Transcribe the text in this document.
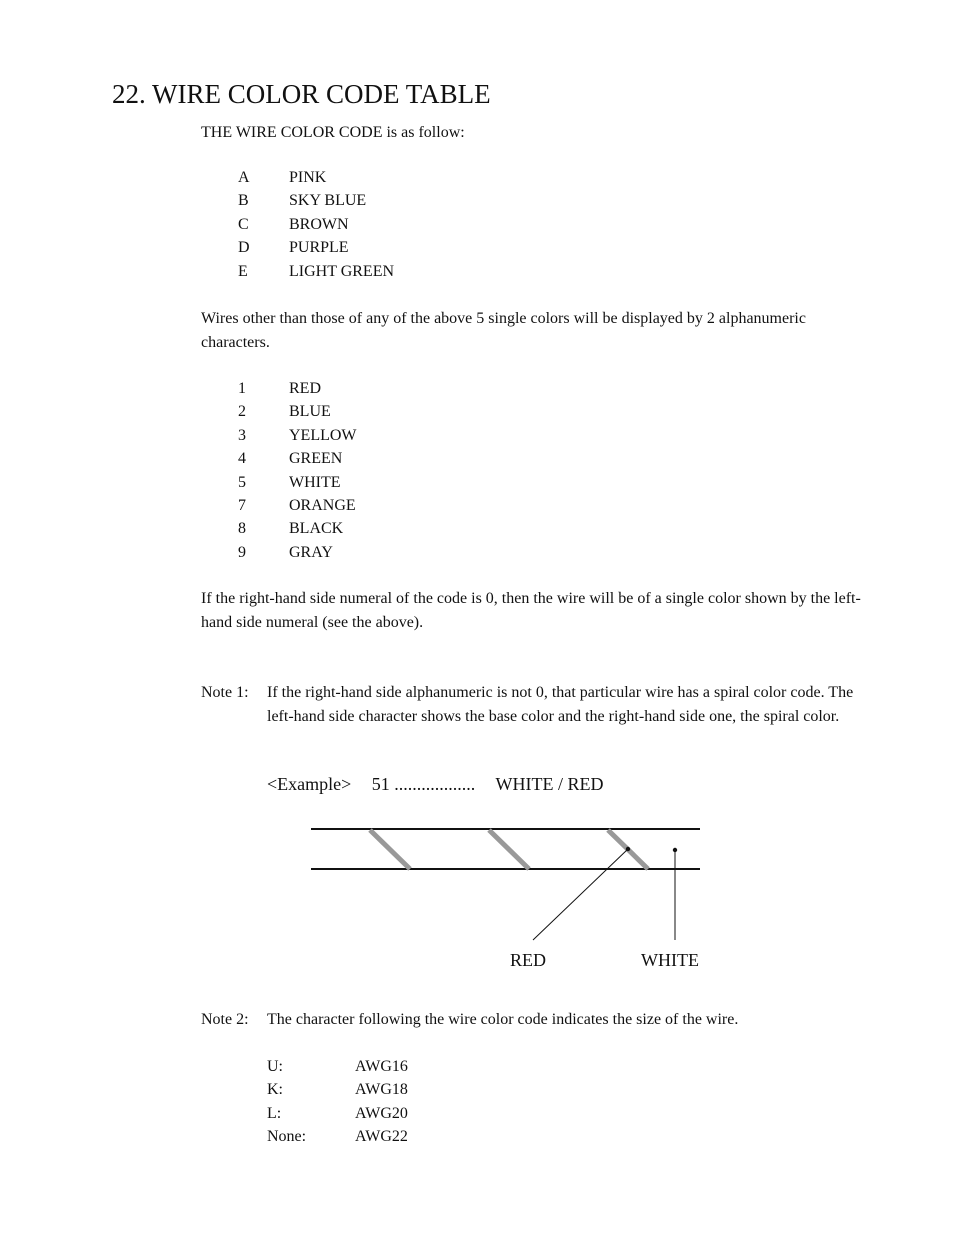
22. WIRE COLOR CODE TABLE
THE WIRE COLOR CODE is as follow:
A	PINK
B	SKY BLUE
C	BROWN
D	PURPLE
E	LIGHT GREEN
Wires other than those of any of the above 5 single colors will be displayed by 2 alphanumeric characters.
1	RED
2	BLUE
3	YELLOW
4	GREEN
5	WHITE
7	ORANGE
8	BLACK
9	GRAY
If the right-hand side numeral of the code is 0, then the wire will be of a single color shown by the left-hand side numeral (see the above).
Note 1: If the right-hand side alphanumeric is not 0, that particular wire has a spiral color code. The left-hand side character shows the base color and the right-hand side one, the spiral color.
<Example> 51 .................. WHITE / RED
RED	WHITE
Note 2: The character following the wire color code indicates the size of the wire.
U:	AWG16
K:	AWG18
L:	AWG20
None:	AWG22
